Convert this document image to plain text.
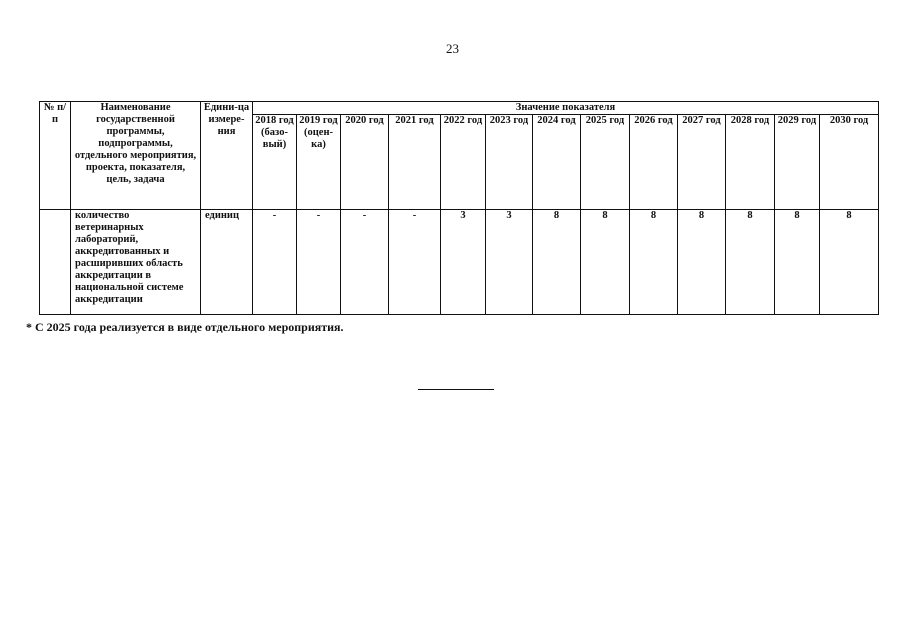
23
№ п/п	Наименование государственной программы, подпрограммы, отдельного мероприятия, проекта, показателя, цель, задача	Едини-ца измере-ния	Значение показателя												
			2018 год (базо-вый)	2019 год (оцен-ка)	2020 год	2021 год	2022 год	2023 год	2024 год	2025 год	2026 год	2027 год	2028 год	2029 год	2030 год
	количество ветеринарных лабораторий, аккредитованных и расширивших область аккредитации в национальной системе аккредитации	единиц	-	-	-	-	3	3	8	8	8	8	8	8	8
* С 2025 года реализуется в виде отдельного мероприятия.
